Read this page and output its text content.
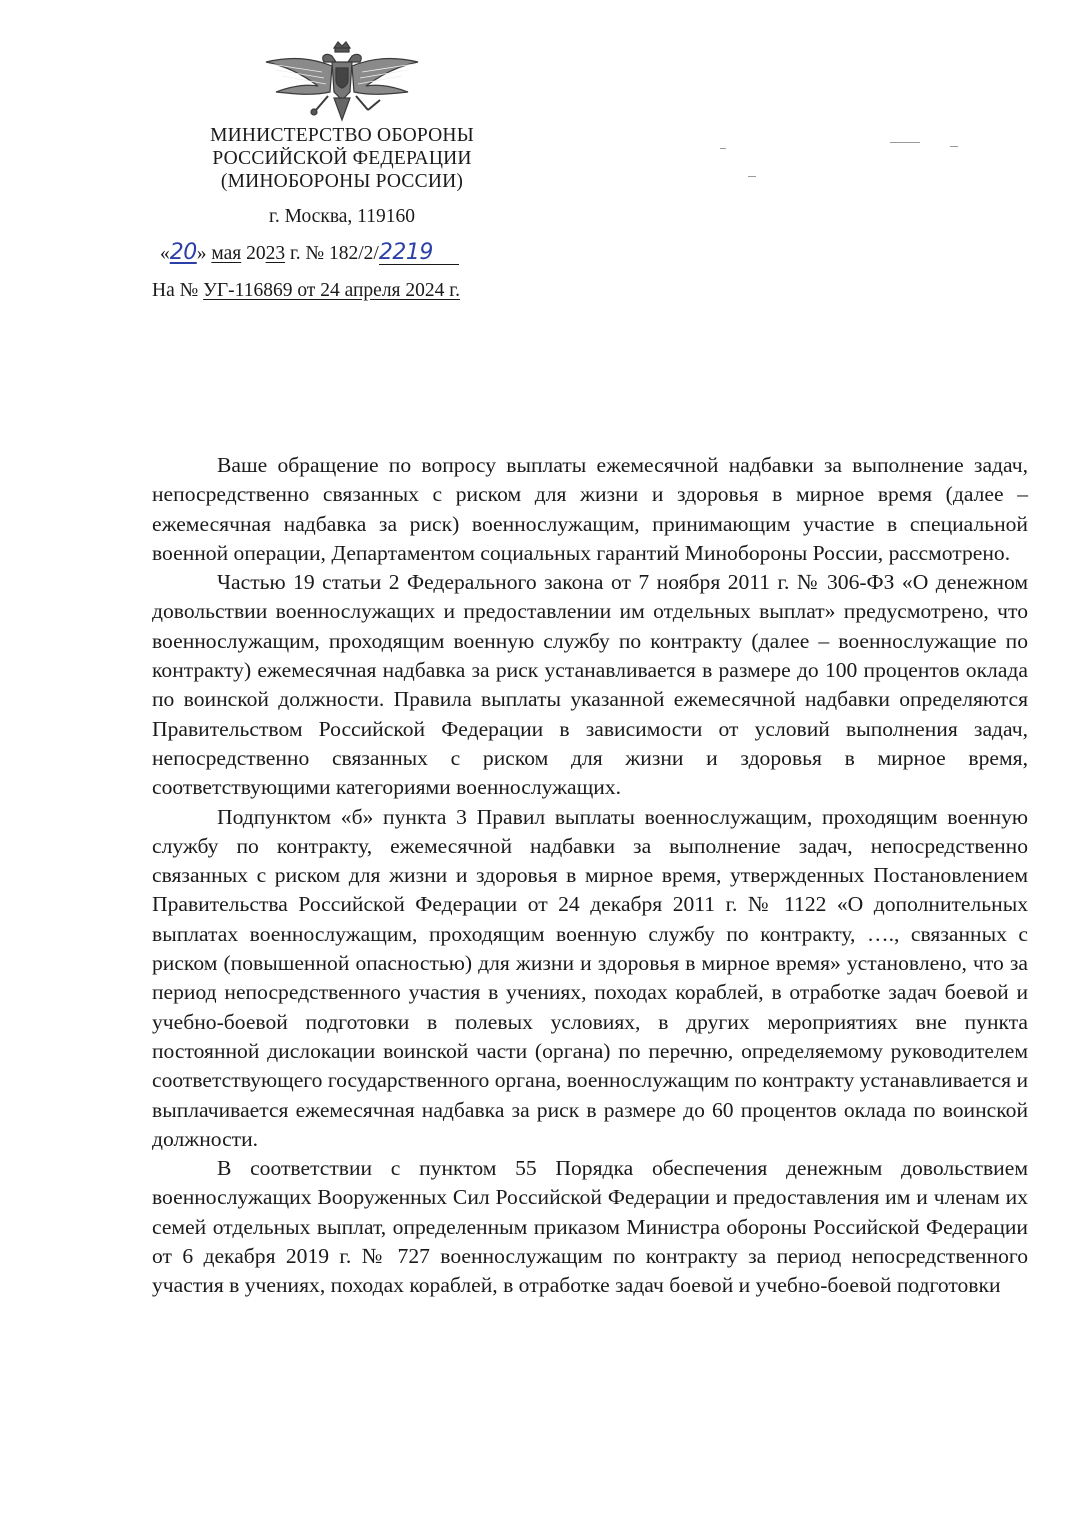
МИНИСТЕРСТВО ОБОРОНЫ
РОССИЙСКОЙ ФЕДЕРАЦИИ
(МИНОБОРОНЫ РОССИИ)
г. Москва, 119160
«20» мая 2023 г. № 182/2/2219
На № УГ-116869 от 24 апреля 2024 г.

Ваше обращение по вопросу выплаты ежемесячной надбавки за выполнение задач, непосредственно связанных с риском для жизни и здоровья в мирное время (далее – ежемесячная надбавка за риск) военнослужащим, принимающим участие в специальной военной операции, Департаментом социальных гарантий Минобороны России, рассмотрено.

Частью 19 статьи 2 Федерального закона от 7 ноября 2011 г. № 306-ФЗ «О денежном довольствии военнослужащих и предоставлении им отдельных выплат» предусмотрено, что военнослужащим, проходящим военную службу по контракту (далее – военнослужащие по контракту) ежемесячная надбавка за риск устанавливается в размере до 100 процентов оклада по воинской должности. Правила выплаты указанной ежемесячной надбавки определяются Правительством Российской Федерации в зависимости от условий выполнения задач, непосредственно связанных с риском для жизни и здоровья в мирное время, соответствующими категориями военнослужащих.

Подпунктом «б» пункта 3 Правил выплаты военнослужащим, проходящим военную службу по контракту, ежемесячной надбавки за выполнение задач, непосредственно связанных с риском для жизни и здоровья в мирное время, утвержденных Постановлением Правительства Российской Федерации от 24 декабря 2011 г. № 1122 «О дополнительных выплатах военнослужащим, проходящим военную службу по контракту, …., связанных с риском (повышенной опасностью) для жизни и здоровья в мирное время» установлено, что за период непосредственного участия в учениях, походах кораблей, в отработке задач боевой и учебно-боевой подготовки в полевых условиях, в других мероприятиях вне пункта постоянной дислокации воинской части (органа) по перечню, определяемому руководителем соответствующего государственного органа, военнослужащим по контракту устанавливается и выплачивается ежемесячная надбавка за риск в размере до 60 процентов оклада по воинской должности.

В соответствии с пунктом 55 Порядка обеспечения денежным довольствием военнослужащих Вооруженных Сил Российской Федерации и предоставления им и членам их семей отдельных выплат, определенным приказом Министра обороны Российской Федерации от 6 декабря 2019 г. № 727 военнослужащим по контракту за период непосредственного участия в учениях, походах кораблей, в отработке задач боевой и учебно-боевой подготовки
